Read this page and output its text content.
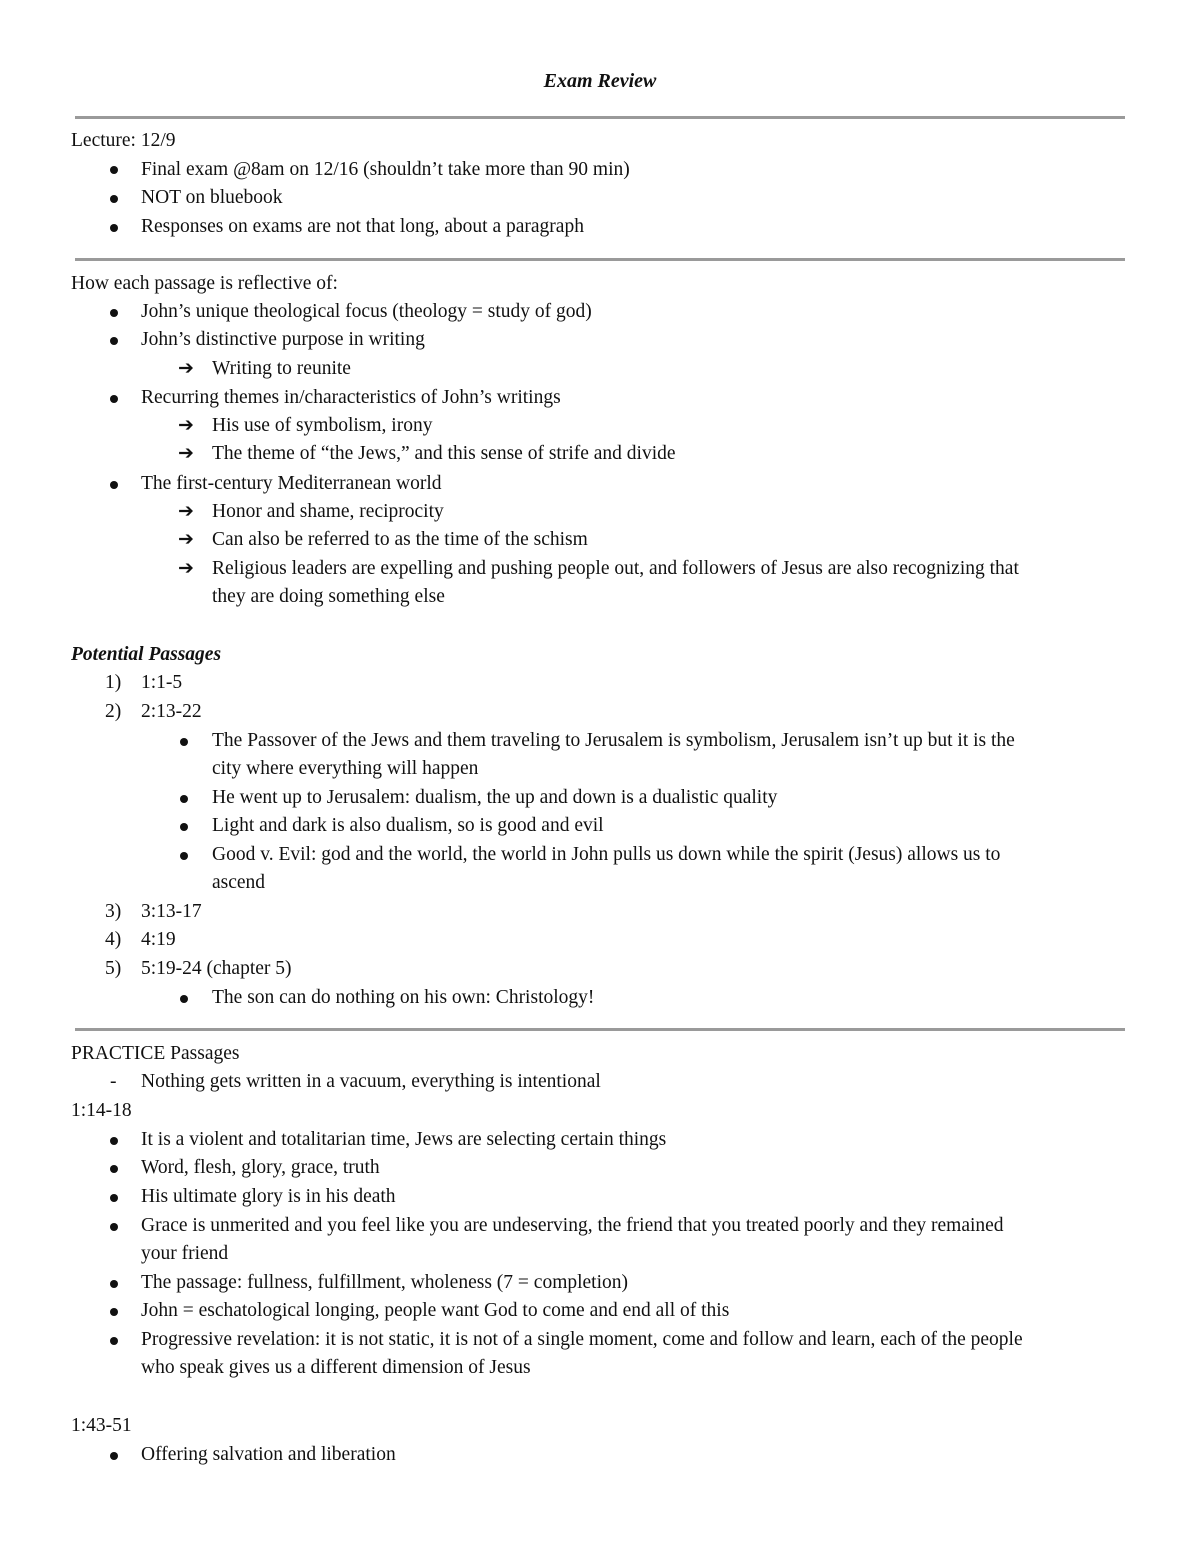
Exam Review
Lecture: 12/9
Final exam @8am on 12/16 (shouldn’t take more than 90 min)
NOT on bluebook
Responses on exams are not that long, about a paragraph
How each passage is reflective of:
John’s unique theological focus (theology = study of god)
John’s distinctive purpose in writing
➔ Writing to reunite
Recurring themes in/characteristics of John’s writings
➔ His use of symbolism, irony
➔ The theme of “the Jews,” and this sense of strife and divide
The first-century Mediterranean world
➔ Honor and shame, reciprocity
➔ Can also be referred to as the time of the schism
➔ Religious leaders are expelling and pushing people out, and followers of Jesus are also recognizing that
they are doing something else
Potential Passages
1) 1:1-5
2) 2:13-22
The Passover of the Jews and them traveling to Jerusalem is symbolism, Jerusalem isn’t up but it is the
city where everything will happen
He went up to Jerusalem: dualism, the up and down is a dualistic quality
Light and dark is also dualism, so is good and evil
Good v. Evil: god and the world, the world in John pulls us down while the spirit (Jesus) allows us to
ascend
3) 3:13-17
4) 4:19
5) 5:19-24 (chapter 5)
The son can do nothing on his own: Christology!
PRACTICE Passages
- Nothing gets written in a vacuum, everything is intentional
1:14-18
It is a violent and totalitarian time, Jews are selecting certain things
Word, flesh, glory, grace, truth
His ultimate glory is in his death
Grace is unmerited and you feel like you are undeserving, the friend that you treated poorly and they remained
your friend
The passage: fullness, fulfillment, wholeness (7 = completion)
John = eschatological longing, people want God to come and end all of this
Progressive revelation: it is not static, it is not of a single moment, come and follow and learn, each of the people
who speak gives us a different dimension of Jesus
1:43-51
Offering salvation and liberation
